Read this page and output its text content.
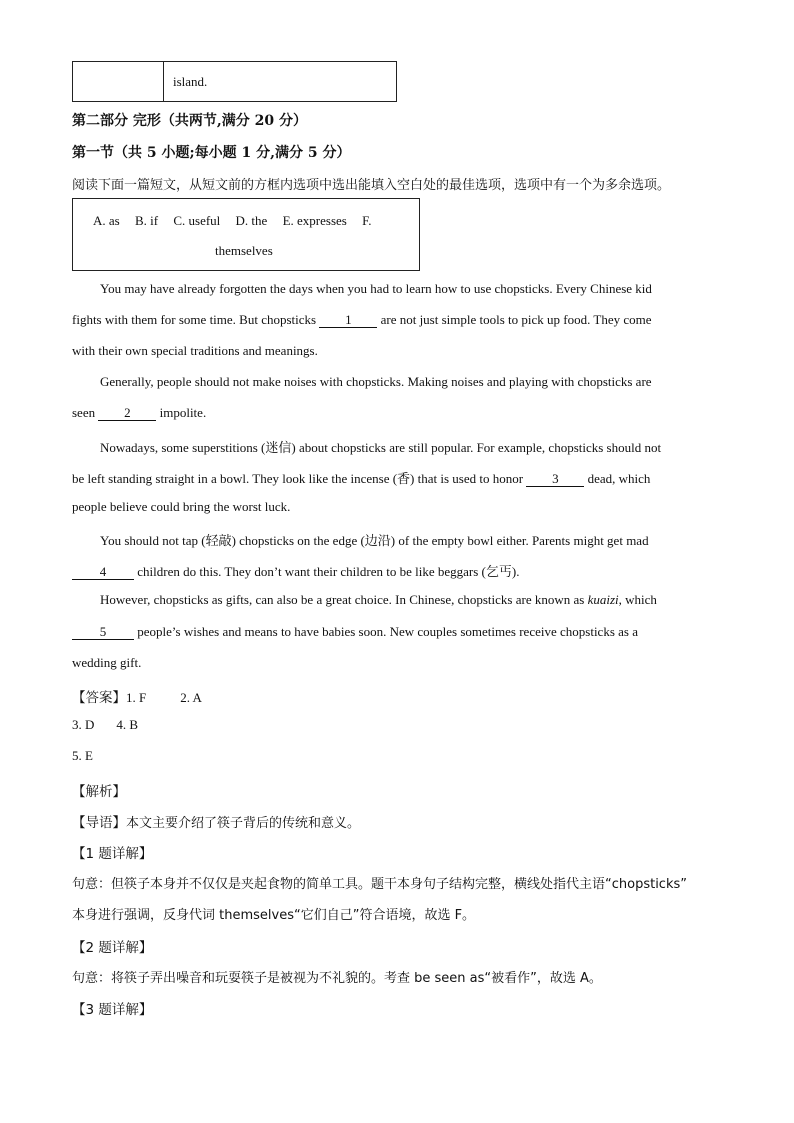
island.
第二部分 完形（共两节,满分 20 分）
第一节（共 5 小题;每小题 1 分,满分 5 分）
阅读下面一篇短文，从短文前的方框内选项中选出能填入空白处的最佳选项，选项中有一个为多余选项。
A. as B. if C. useful D. the E. expresses F.
themselves
You may have already forgotten the days when you had to learn how to use chopsticks. Every Chinese kid
fights with them for some time. But chopsticks 1 are not just simple tools to pick up food. They come
with their own special traditions and meanings.
Generally, people should not make noises with chopsticks. Making noises and playing with chopsticks are
seen 2 impolite.
Nowadays, some superstitions (迷信) about chopsticks are still popular. For example, chopsticks should not
be left standing straight in a bowl. They look like the incense (香) that is used to honor 3 dead, which
people believe could bring the worst luck.
You should not tap (轻敲) chopsticks on the edge (边沿) of the empty bowl either. Parents might get mad
4 children do this. They don’t want their children to be like beggars (乞丐).
However, chopsticks as gifts, can also be a great choice. In Chinese, chopsticks are known as kuaizi, which
5 people’s wishes and means to have babies soon. New couples sometimes receive chopsticks as a
wedding gift.
【答案】1. F	2. A
3. D 4. B
5. E
【解析】
【导语】本文主要介绍了筷子背后的传统和意义。
【1 题详解】
句意：但筷子本身并不仅仅是夹起食物的简单工具。题干本身句子结构完整，横线处指代主语“chopsticks”
本身进行强调，反身代词 themselves“它们自己”符合语境，故选 F。
【2 题详解】
句意：将筷子弄出噪音和玩耍筷子是被视为不礼貌的。考查 be seen as“被看作”，故选 A。
【3 题详解】
